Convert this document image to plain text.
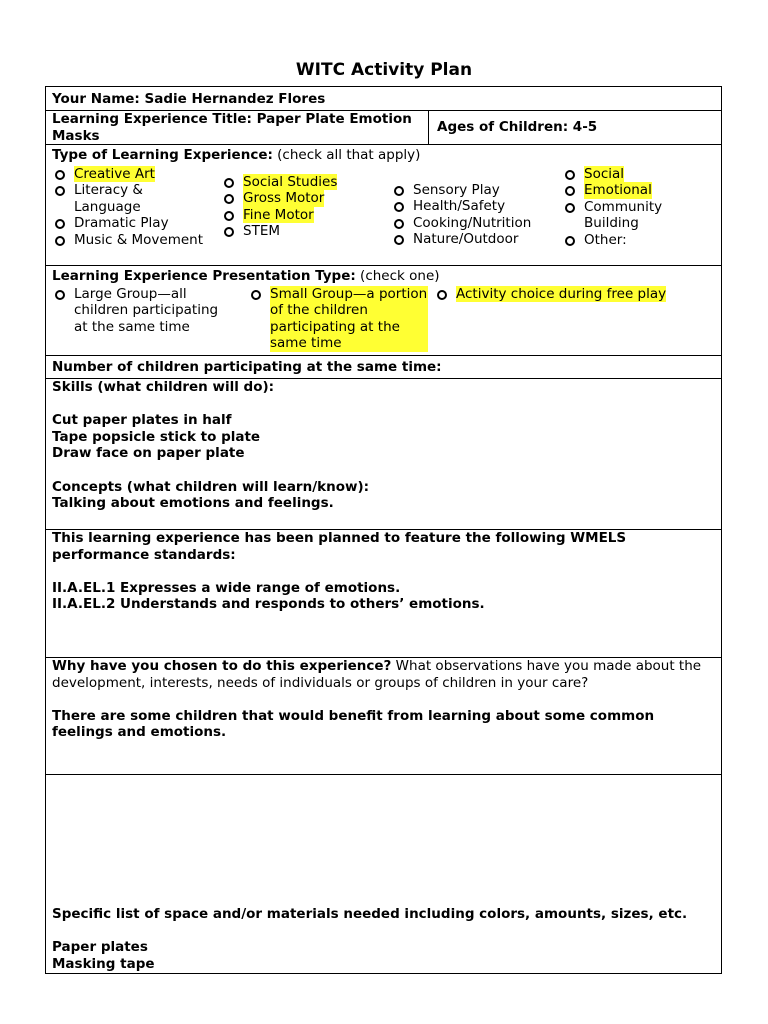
WITC Activity Plan
Your Name: Sadie Hernandez Flores
Learning Experience Title: Paper Plate Emotion Masks
Ages of Children: 4-5
Type of Learning Experience: (check all that apply)
Creative Art
Literacy & Language
Dramatic Play
Music & Movement
Social Studies
Gross Motor
Fine Motor
STEM
Sensory Play
Health/Safety
Cooking/Nutrition
Nature/Outdoor
Social
Emotional
Community Building
Other:
Learning Experience Presentation Type: (check one)
Large Group—all children participating at the same time
Small Group—a portion of the children participating at the same time
Activity choice during free play
Number of children participating at the same time:
Skills (what children will do):
Cut paper plates in half
Tape popsicle stick to plate
Draw face on paper plate
Concepts (what children will learn/know):
Talking about emotions and feelings.
This learning experience has been planned to feature the following WMELS performance standards:
II.A.EL.1 Expresses a wide range of emotions.
II.A.EL.2 Understands and responds to others’ emotions.
Why have you chosen to do this experience? What observations have you made about the development, interests, needs of individuals or groups of children in your care?
There are some children that would benefit from learning about some common feelings and emotions.
Specific list of space and/or materials needed including colors, amounts, sizes, etc.
Paper plates
Masking tape
